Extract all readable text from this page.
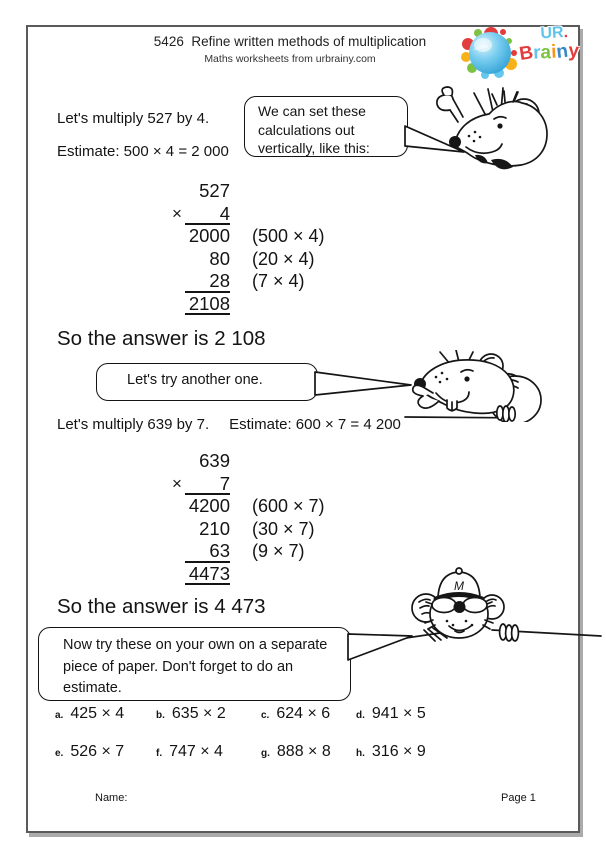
5426  Refine written methods of multiplication
Maths worksheets from urbrainy.com
UR.
Brainy
Let's multiply 527 by 4.
Estimate: 500 × 4 = 2 000
We can set these calculations out vertically, like this:
527
×	4
2000 (500 × 4)
80 (20 × 4)
28 (7 × 4)
2108
So the answer is 2 108
Let's try another one.
Let's multiply 639 by 7. Estimate: 600 × 7 = 4 200
639
×	7
4200 (600 × 7)
210 (30 × 7)
63 (9 × 7)
4473
So the answer is 4 473
Now try these on your own on a separate piece of paper. Don't forget to do an estimate.
M
a. 425 × 4	b. 635 × 2	c. 624 × 6	d. 941 × 5
e. 526 × 7	f. 747 × 4	g. 888 × 8	h. 316 × 9
Name:	Page 1
